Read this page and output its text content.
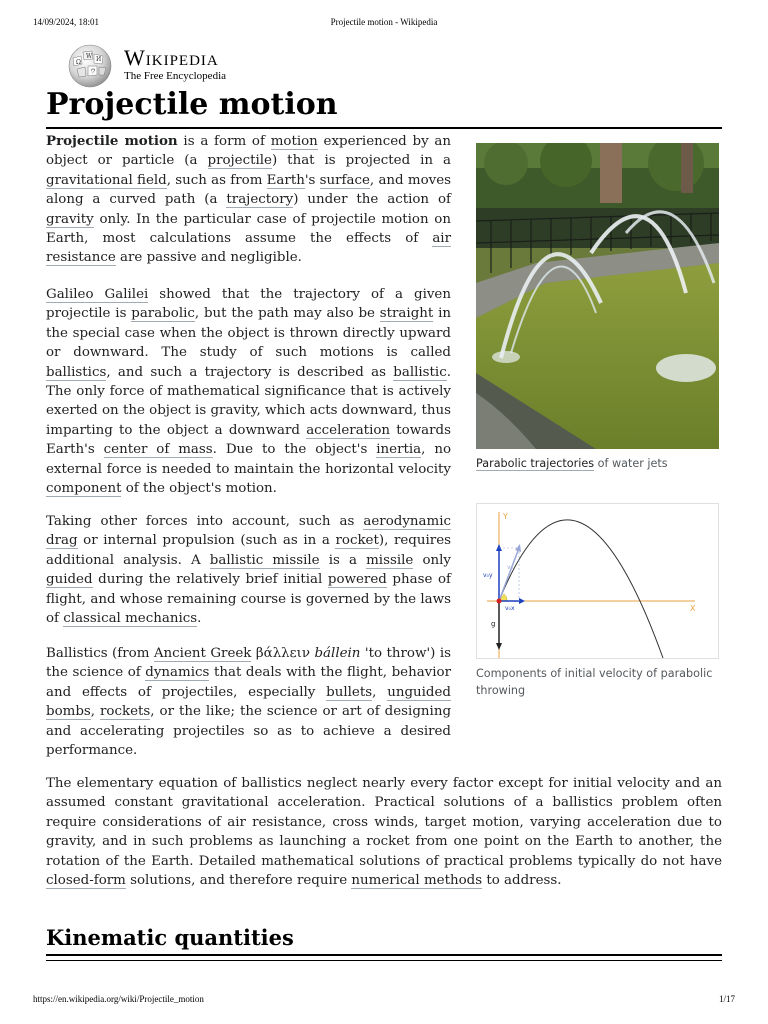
14/09/2024, 18:01	Projectile motion - Wikipedia
Ω
W И
ウ
Wikipedia
The Free Encyclopedia
Projectile motion
Parabolic trajectories of water jets
Y
X
v₀y
v₀x
v₀
g
Components of initial velocity of parabolic throwing

Projectile motion is a form of motion experienced by an object or particle (a projectile) that is projected in a gravitational field, such as from Earth's surface, and moves along a curved path (a trajectory) under the action of gravity only. In the particular case of projectile motion on Earth, most calculations assume the effects of air resistance are passive and negligible.

Galileo Galilei showed that the trajectory of a given projectile is parabolic, but the path may also be straight in the special case when the object is thrown directly upward or downward. The study of such motions is called ballistics, and such a trajectory is described as ballistic. The only force of mathematical significance that is actively exerted on the object is gravity, which acts downward, thus imparting to the object a downward acceleration towards Earth's center of mass. Due to the object's inertia, no external force is needed to maintain the horizontal velocity component of the object's motion.

Taking other forces into account, such as aerodynamic drag or internal propulsion (such as in a rocket), requires additional analysis. A ballistic missile is a missile only guided during the relatively brief initial powered phase of flight, and whose remaining course is governed by the laws of classical mechanics.

Ballistics (from Ancient Greek βάλλειν bállein 'to throw') is the science of dynamics that deals with the flight, behavior and effects of projectiles, especially bullets, unguided bombs, rockets, or the like; the science or art of designing and accelerating projectiles so as to achieve a desired performance.

The elementary equation of ballistics neglect nearly every factor except for initial velocity and an assumed constant gravitational acceleration. Practical solutions of a ballistics problem often require considerations of air resistance, cross winds, target motion, varying acceleration due to gravity, and in such problems as launching a rocket from one point on the Earth to another, the rotation of the Earth. Detailed mathematical solutions of practical problems typically do not have closed-form solutions, and therefore require numerical methods to address.

Kinematic quantities
https://en.wikipedia.org/wiki/Projectile_motion	1/17
